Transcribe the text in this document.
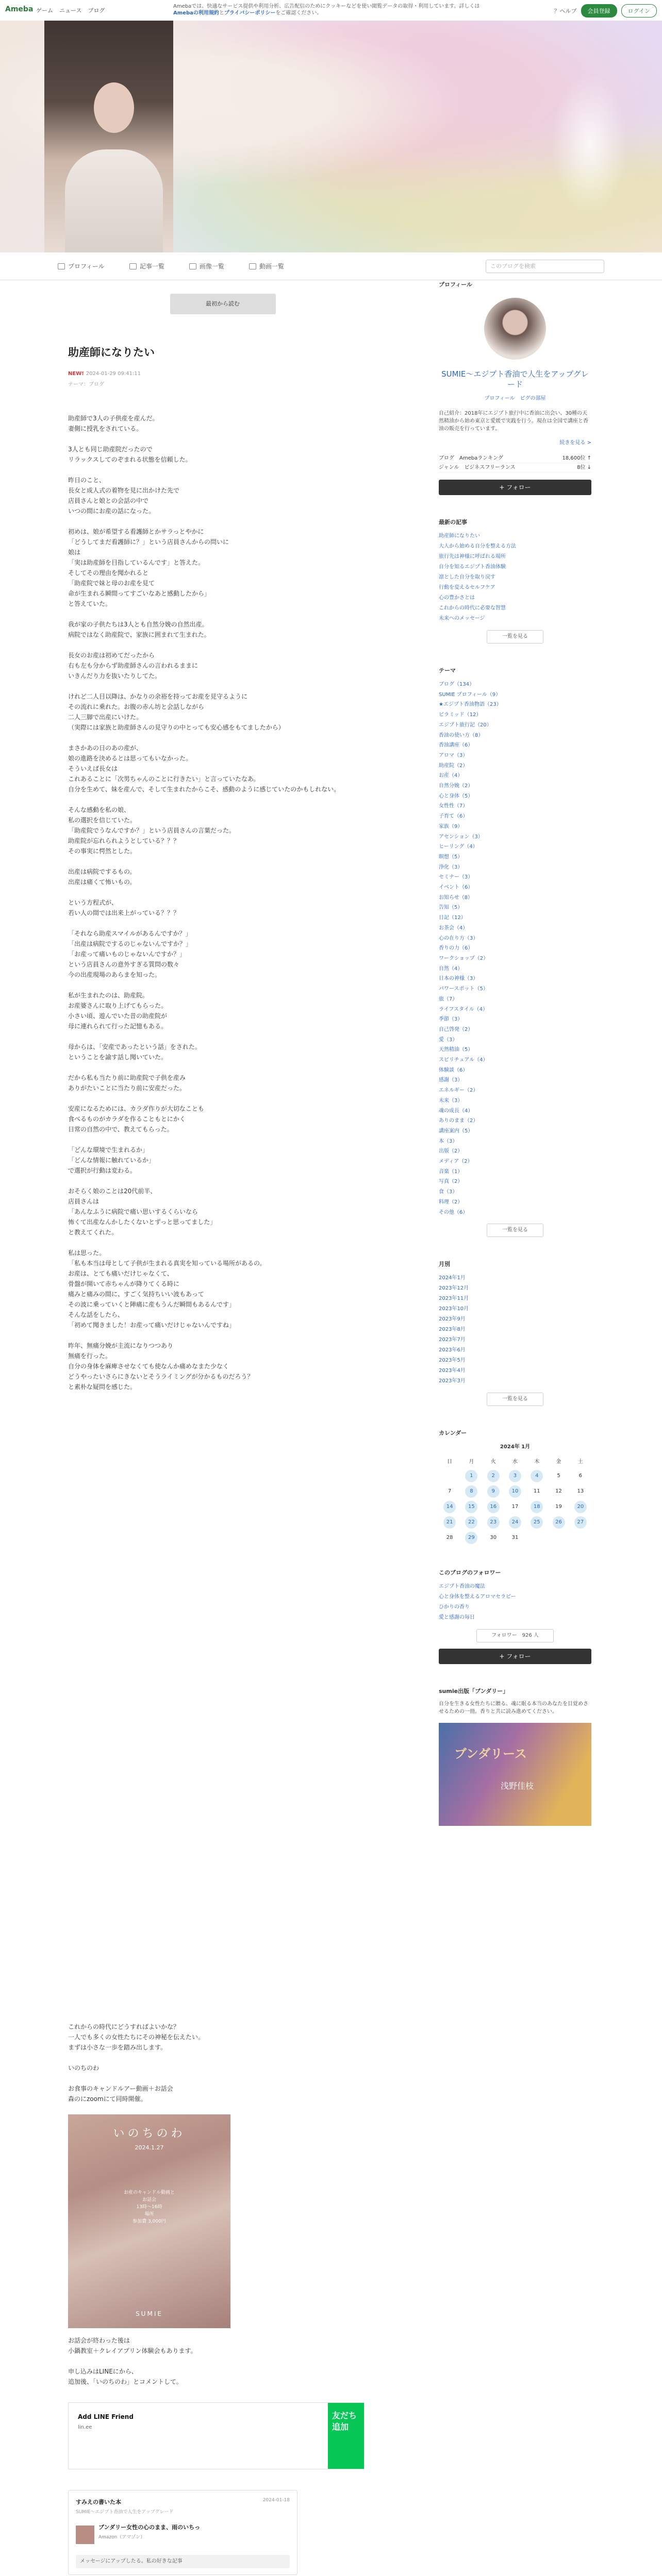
Ameba ゲーム ニュース ブログ
Amebaでは、快適なサービス提供や利用分析、広告配信のためにクッキーなどを使い閲覧データの取得・利用しています。詳しくはAmebaの利用規約とプライバシーポリシーをご確認ください。	？ヘルプ	会員登録	ログイン
プロフィール	記事一覧	画像一覧	動画一覧	このブログを検索
最初から読む
助産師になりたい
NEW! 2024-01-29 09:41:11
テーマ：ブログ

助産師で3人の子供産を産んだ。
妻側に授乳をされている。

3人とも同じ助産院だったので
リラックスしてのぞまれる状態を信頼した。

昨日のこと、
長女と成人式の着物を見に出かけた先で
店員さんと娘との会話の中で
いつの間にお産の話になった。

初めは、娘が希望する看護師とかサラっとやかに
「どうしてまだ看護師に？」という店員さんからの問いに
娘は
「実は助産師を目指しているんです」と答えた。
そしてその理由を聞かれると
「助産院で妹と母のお産を見て
命が生まれる瞬間ってすごいなあと感動したから」
と答えていた。

我が家の子供たちは3人とも自然分娩の自然出産。
病院ではなく助産院で、家族に囲まれて生まれた。

長女のお産は初めてだったから
右も左も分からず助産師さんの言われるままに
いきんだり力を抜いたりしてた。

けれど二人目以降は、かなりの余裕を持ってお産を見守るように
その流れに乗れた。お腹の赤ん坊と会話しながら
二人三脚で出産にいけた。
（実際には家族と助産師さんの見守りの中とっても安心感をもてましたから）

まさかあの日のあの産が、
娘の進路を決めるとは思ってもいなかった。
そういえば長女は
これあることに「次男ちゃんのことに行きたい」と言っていたなあ。
自分を生めて、妹を産んで、そして生まれたからこそ、感動のように感じていたのかもしれない。

そんな感動を私の娘、
私の選択を信じていた。
「助産院でうなんですか？」という店員さんの言葉だった。
助産院が忘れられようとしている？？？
その事実に愕然とした。

出産は病院でするもの。
出産は痛くて怖いもの。

という方程式が、
若い人の間では出来上がっている？？？

「それなら助産スマイルがあるんですか？」
「出産は病院でするのじゃないんですか？」
「お産って痛いものじゃないんですか？」
という店員さんの意外すぎる質問の数々
今の出産現場のあらまを知った。

私が生まれたのは、助産院。
お産婆さんに取り上げてもらった。
小さい頃、遊んでいた昔の助産院が
母に連れられて行った記憶もある。

母からは、「安産であったという話」をされた。
ということを諭す話し聞いていた。

だから私も当たり前に助産院で子供を産み
ありがたいことに当たり前に安産だった。

安産になるためには、カラダ作りが大切なことも
食べるものがカラダを作ることもとにかく
日常の自然の中で、教えてもらった。

「どんな環境で生まれるか」
「どんな情報に触れているか」
で選択が行動は変わる。

おそらく娘のことは20代前半、
店員さんは
「あんなふうに病院で痛い思いするくらいなら
怖くて出産なんかしたくないとずっと思ってました」
と教えてくれた。

私は思った。
「私も本当は母として子供が生まれる真実を知っている場所があるの。
お産は、とても痛いだけじゃなくて、
骨盤が開いて赤ちゃんが降りてくる時に
痛みと痛みの間に、すごく気持ちいい波もあって
その波に乗っていくと陣痛に産もうんだ瞬間もあるんです」
そんな話をしたら、
「初めて聞きました！お産って痛いだけじゃないんですね」

昨年、無痛分娩が主流になりつつあり
無痛を行った。
自分の身体を麻痺させなくても使なんか痛めなまた少なく
どうやったいさらにきないとそうライミングが分かるものだろう？
と素朴な疑問を感じた。

これからの時代にどうすればよいかな？
一人でも多くの女性たちにその神秘を伝えたい。
まずは小さな一歩を踏み出します。

いのちのわ

お食事のキャンドルアー動画＋お話会
森のにzoomにて同時開催。

いのちのわ
2024.1.27
お産のキャンドル動画と
お話会
13時〜16時
場所
参加費 3,000円
SUMIE

お話会が終わった後は
小鍋教室＋クレイアプリン体験会もあります。

申し込みはLINEにから、
追加後、「いのちのわ」とコメントして。

Add LINE Friend
lin.ee
友だち追加
すみえの書いた本
SUMIE〜エジプト香油で人生をアップグレード
2024-01-18
ブンダリー女性の心のまま、雨のいちっ
Amazon（アマゾン）
メッセージにアップしたる。私の好きな記事
プロフィール
SUMIE〜エジプト香油で人生をアップグレード
プロフィール　ピグの部屋
自己紹介：2018年にエジプト旅行中に香油に出会い、30種の天然精油から始め東京と愛媛で実践を行う。現在は全国で講座と香油の販売を行っています。
続きを見る >
ブログ　Amebaランキング	18,600位 ↑
ジャンル　ビジネスフリーランス	8位 ↓
+ フォロー
最新の記事
助産師になりたい
大人から始める自分を整える方法
旅行先は神様に呼ばれる場所
自分を知るエジプト香油体験
凛とした自分を取り戻す
行動を変えるセルフケア
心の豊かさとは
これからの時代に必要な智慧
未来へのメッセージ
一覧を見る
テーマ
ブログ（134）
SUMIE プロフィール（9）
★エジプト香油物語（23）
ピラミッド（12）
エジプト旅行記（20）
香油の使い方（8）
香油講座（6）
アロマ（3）
助産院（2）
お産（4）
自然分娩（2）
心と身体（5）
女性性（7）
子育て（6）
家族（9）
アセンション（3）
ヒーリング（4）
瞑想（5）
浄化（3）
セミナー（3）
イベント（6）
お知らせ（8）
告知（5）
日記（12）
お茶会（4）
心の在り方（3）
香りの力（6）
ワークショップ（2）
自然（4）
日本の神様（3）
パワースポット（5）
旅（7）
ライフスタイル（4）
季節（3）
自己啓発（2）
愛（3）
天然精油（5）
スピリチュアル（4）
体験談（6）
感謝（3）
エネルギー（2）
未来（3）
魂の成長（4）
ありのまま（2）
講座案内（5）
本（3）
出版（2）
メディア（2）
音楽（1）
写真（2）
食（3）
料理（2）
その他（6）
一覧を見る
月別
2024年1月
2023年12月
2023年11月
2023年10月
2023年9月
2023年8月
2023年7月
2023年6月
2023年5月
2023年4月
2023年3月
一覧を見る
カレンダー
2024年 1月
日	月	火	水	木	金	土
	1	2	3	4	5	6
7	8	9	10	11	12	13
14	15	16	17	18	19	20
21	22	23	24	25	26	27
28	29	30	31			
このブログのフォロワー
エジプト香油の魔法
心と身体を整えるアロマセラピー
ひかりの香り
愛と感謝の毎日
フォロワー　926 人
+ フォロー
sumie出版「ブンダリー」
自分を生きる女性たちに贈る、魂に眠る本当のあなたを目覚めさせるための一冊。香りと共に読み進めてください。
ブンダリース
浅野佳枝
